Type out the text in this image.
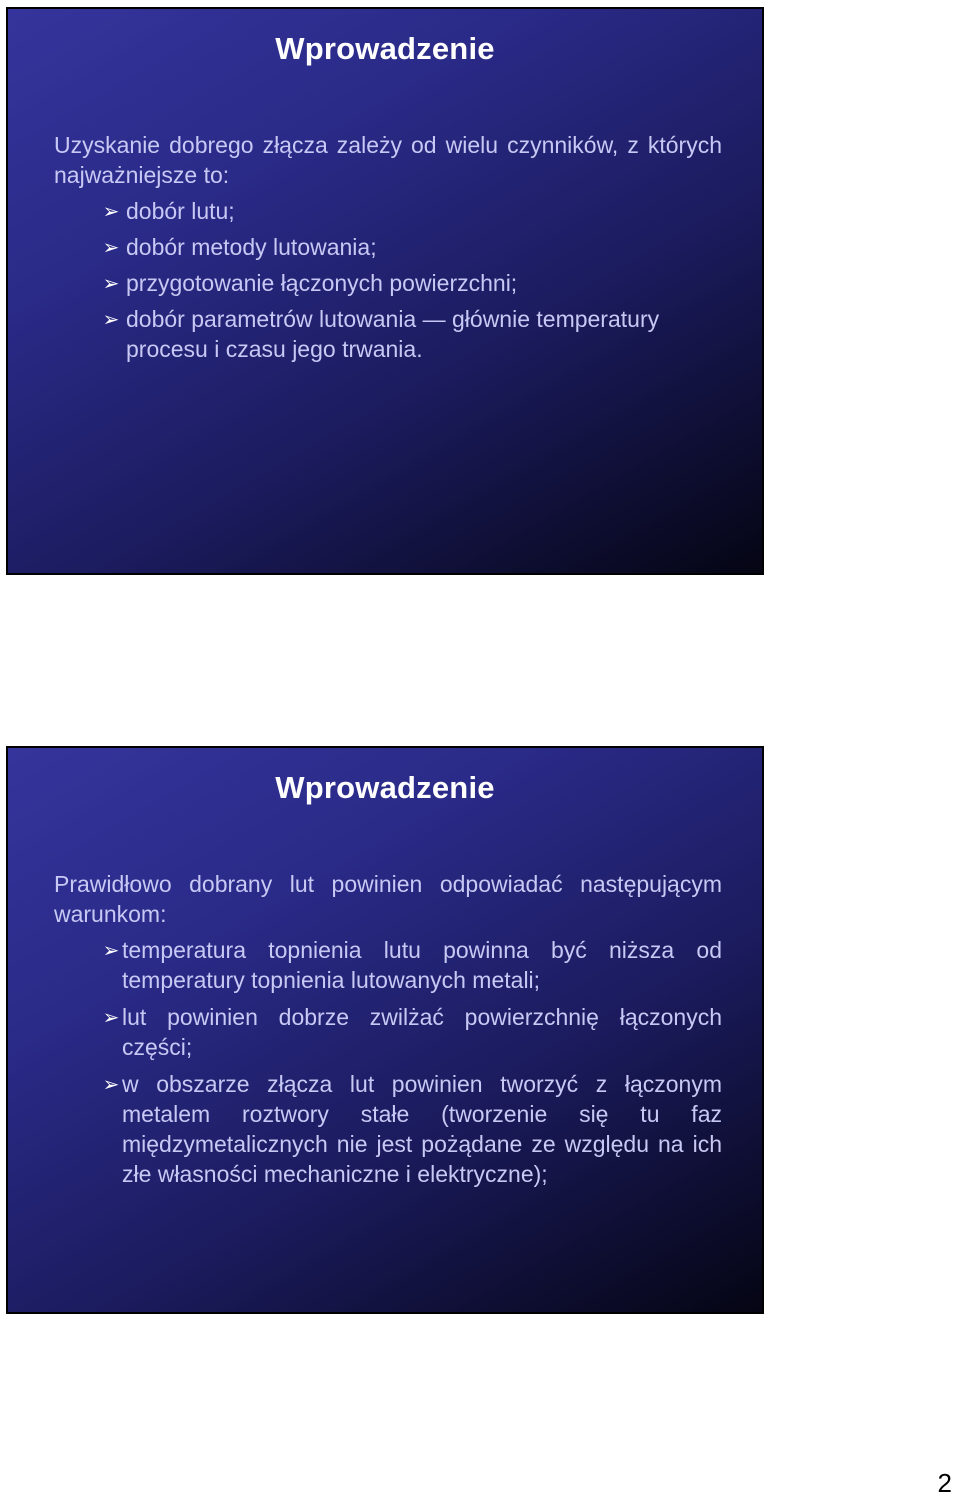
Wprowadzenie

Uzyskanie dobrego złącza zależy od wielu czynników, z których najważniejsze to:

➢ dobór lutu;
➢ dobór metody lutowania;
➢ przygotowanie łączonych powierzchni;
➢ dobór parametrów lutowania — głównie temperatury procesu i czasu jego trwania.
Wprowadzenie

Prawidłowo dobrany lut powinien odpowiadać następującym warunkom:

➢ temperatura topnienia lutu powinna być niższa od temperatury topnienia lutowanych metali;
➢ lut powinien dobrze zwilżać powierzchnię łączonych części;
➢ w obszarze złącza lut powinien tworzyć z łączonym metalem roztwory stałe (tworzenie się tu faz międzymetalicznych nie jest pożądane ze względu na ich złe własności mechaniczne i elektryczne);
2
